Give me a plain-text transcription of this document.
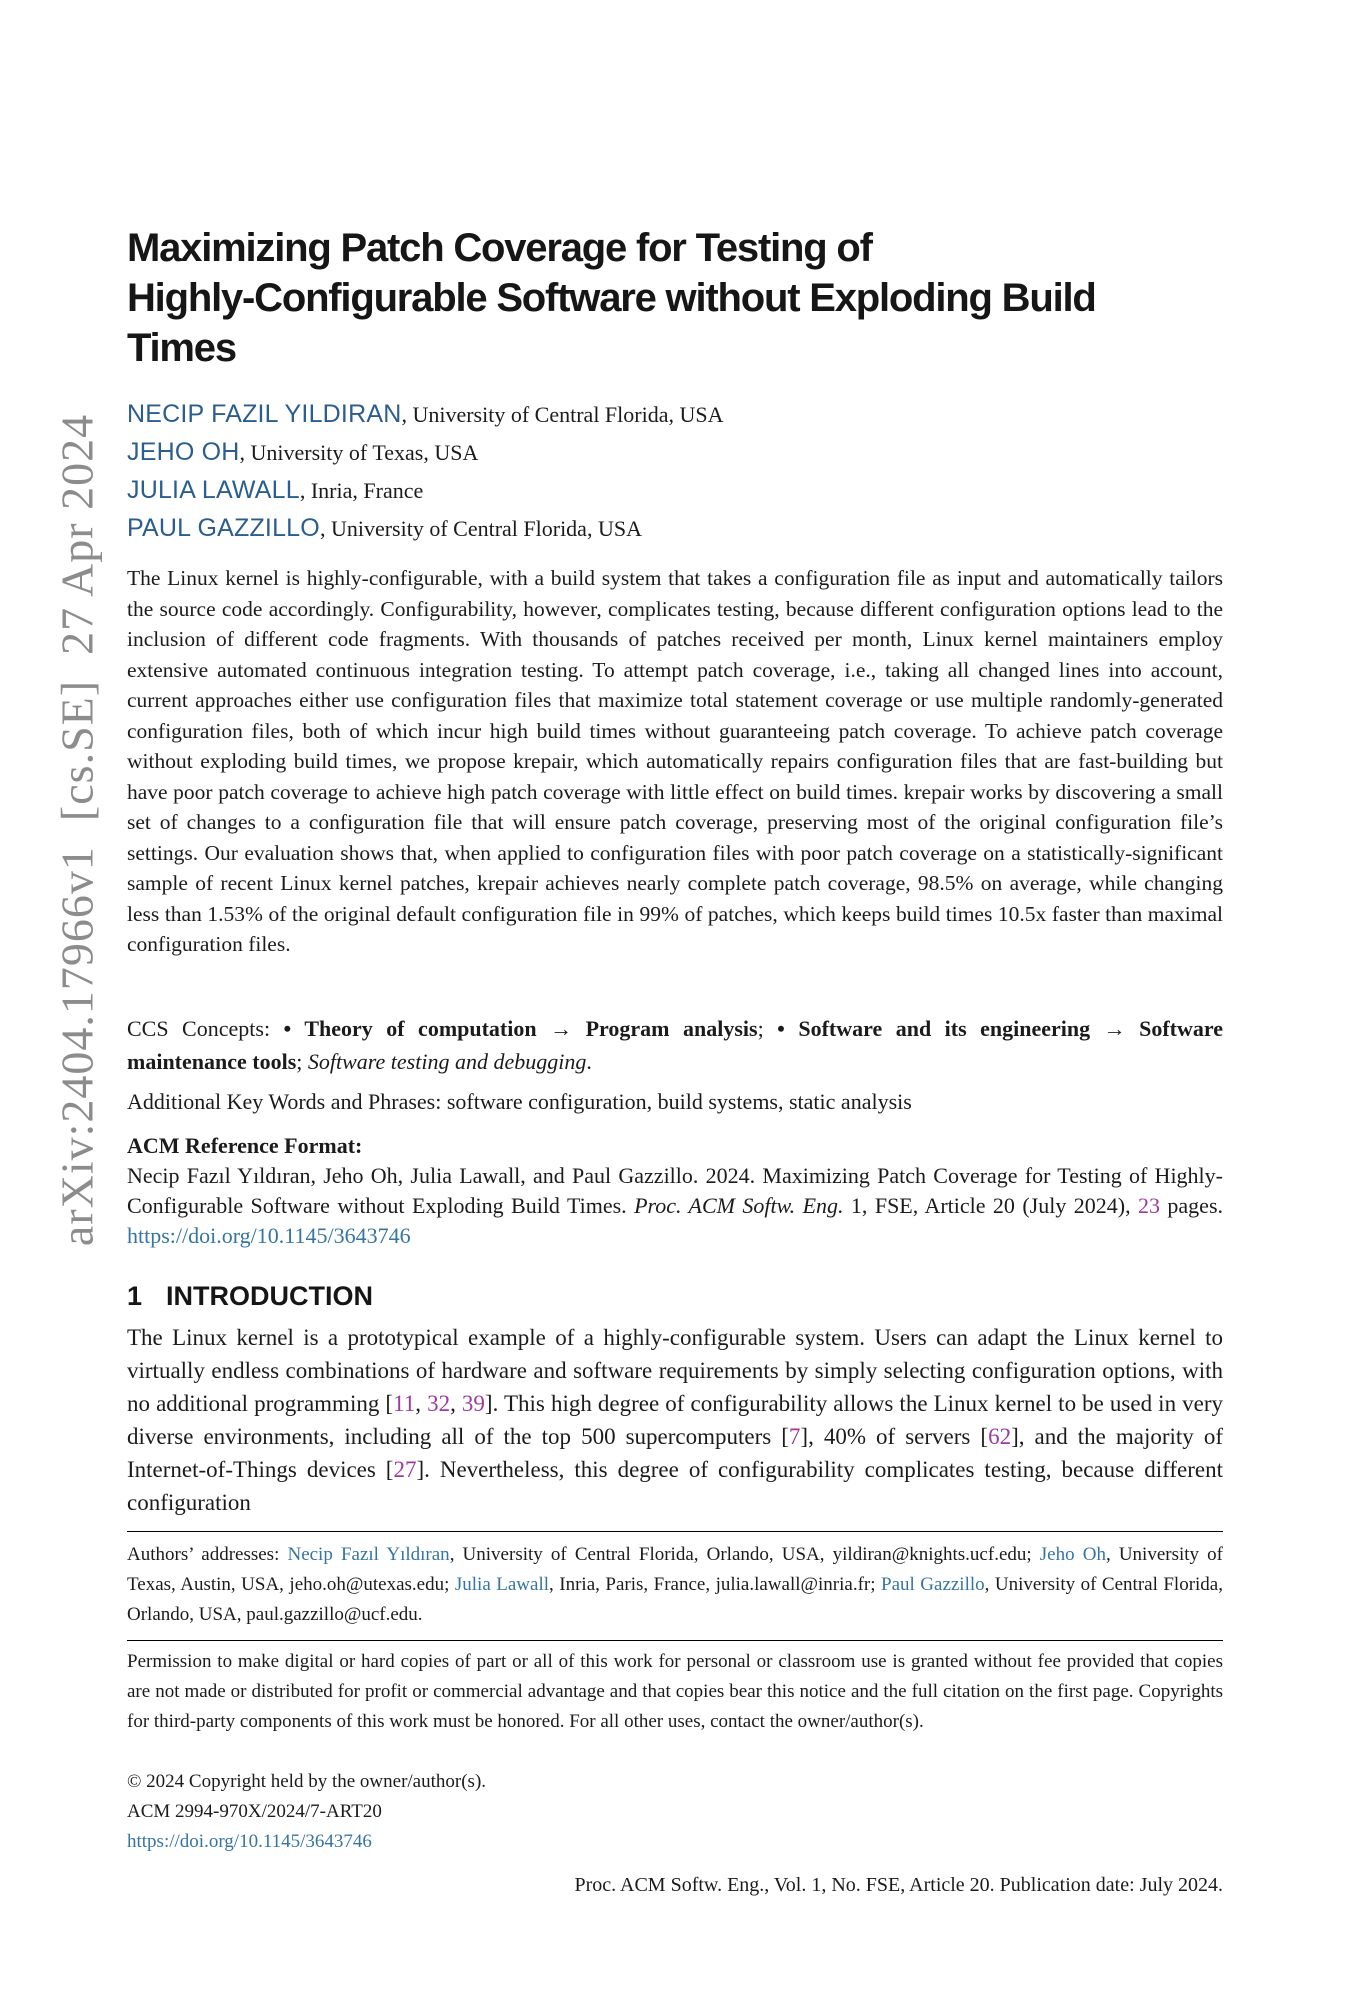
arXiv:2404.17966v1  [cs.SE]  27 Apr 2024
Maximizing Patch Coverage for Testing of
Highly-Configurable Software without Exploding Build
Times
NECIP FAZIL YILDIRAN, University of Central Florida, USA
JEHO OH, University of Texas, USA
JULIA LAWALL, Inria, France
PAUL GAZZILLO, University of Central Florida, USA

The Linux kernel is highly-configurable, with a build system that takes a configuration file as input and automatically tailors the source code accordingly. Configurability, however, complicates testing, because different configuration options lead to the inclusion of different code fragments. With thousands of patches received per month, Linux kernel maintainers employ extensive automated continuous integration testing. To attempt patch coverage, i.e., taking all changed lines into account, current approaches either use configuration files that maximize total statement coverage or use multiple randomly-generated configuration files, both of which incur high build times without guaranteeing patch coverage. To achieve patch coverage without exploding build times, we propose krepair, which automatically repairs configuration files that are fast-building but have poor patch coverage to achieve high patch coverage with little effect on build times. krepair works by discovering a small set of changes to a configuration file that will ensure patch coverage, preserving most of the original configuration file’s settings. Our evaluation shows that, when applied to configuration files with poor patch coverage on a statistically-significant sample of recent Linux kernel patches, krepair achieves nearly complete patch coverage, 98.5% on average, while changing less than 1.53% of the original default configuration file in 99% of patches, which keeps build times 10.5x faster than maximal configuration files.

CCS Concepts: • Theory of computation → Program analysis; • Software and its engineering → Software maintenance tools; Software testing and debugging.

Additional Key Words and Phrases: software configuration, build systems, static analysis

ACM Reference Format:

Necip Fazıl Yıldıran, Jeho Oh, Julia Lawall, and Paul Gazzillo. 2024. Maximizing Patch Coverage for Testing of Highly-Configurable Software without Exploding Build Times. Proc. ACM Softw. Eng. 1, FSE, Article 20 (July 2024), 23 pages. https://doi.org/10.1145/3643746

1 INTRODUCTION

The Linux kernel is a prototypical example of a highly-configurable system. Users can adapt the Linux kernel to virtually endless combinations of hardware and software requirements by simply selecting configuration options, with no additional programming [11, 32, 39]. This high degree of configurability allows the Linux kernel to be used in very diverse environments, including all of the top 500 supercomputers [7], 40% of servers [62], and the majority of Internet-of-Things devices [27]. Nevertheless, this degree of configurability complicates testing, because different configuration

Authors’ addresses: Necip Fazıl Yıldıran, University of Central Florida, Orlando, USA, yildiran@knights.ucf.edu; Jeho Oh, University of Texas, Austin, USA, jeho.oh@utexas.edu; Julia Lawall, Inria, Paris, France, julia.lawall@inria.fr; Paul Gazzillo, University of Central Florida, Orlando, USA, paul.gazzillo@ucf.edu.

Permission to make digital or hard copies of part or all of this work for personal or classroom use is granted without fee provided that copies are not made or distributed for profit or commercial advantage and that copies bear this notice and the full citation on the first page. Copyrights for third-party components of this work must be honored. For all other uses, contact the owner/author(s).

© 2024 Copyright held by the owner/author(s).

ACM 2994-970X/2024/7-ART20

https://doi.org/10.1145/3643746

Proc. ACM Softw. Eng., Vol. 1, No. FSE, Article 20. Publication date: July 2024.
